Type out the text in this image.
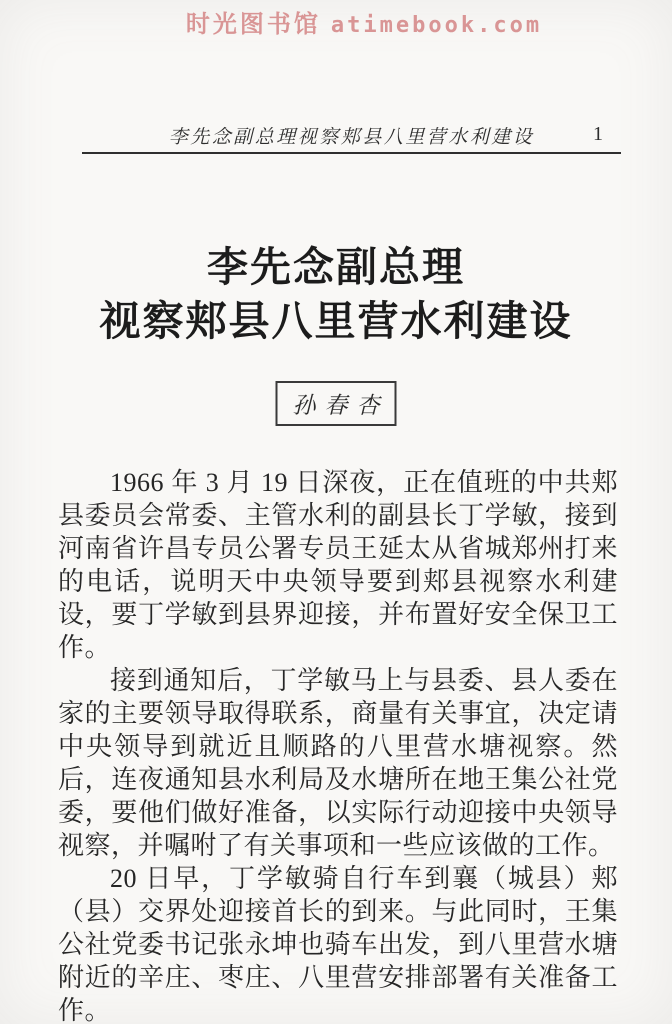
时光图书馆 atimebook.com
李先念副总理视察郏县八里营水利建设	1
李先念副总理
视察郏县八里营水利建设
孙春杏

1966 年 3 月 19 日深夜，正在值班的中共郏县委员会常委、主管水利的副县长丁学敏，接到河南省许昌专员公署专员王延太从省城郑州打来的电话，说明天中央领导要到郏县视察水利建设，要丁学敏到县界迎接，并布置好安全保卫工作。

接到通知后，丁学敏马上与县委、县人委在家的主要领导取得联系，商量有关事宜，决定请中央领导到就近且顺路的八里营水塘视察。然后，连夜通知县水利局及水塘所在地王集公社党委，要他们做好准备，以实际行动迎接中央领导视察，并嘱咐了有关事项和一些应该做的工作。

20 日早，丁学敏骑自行车到襄（城县）郏（县）交界处迎接首长的到来。与此同时，王集公社党委书记张永坤也骑车出发，到八里营水塘附近的辛庄、枣庄、八里营安排部署有关准备工作。
